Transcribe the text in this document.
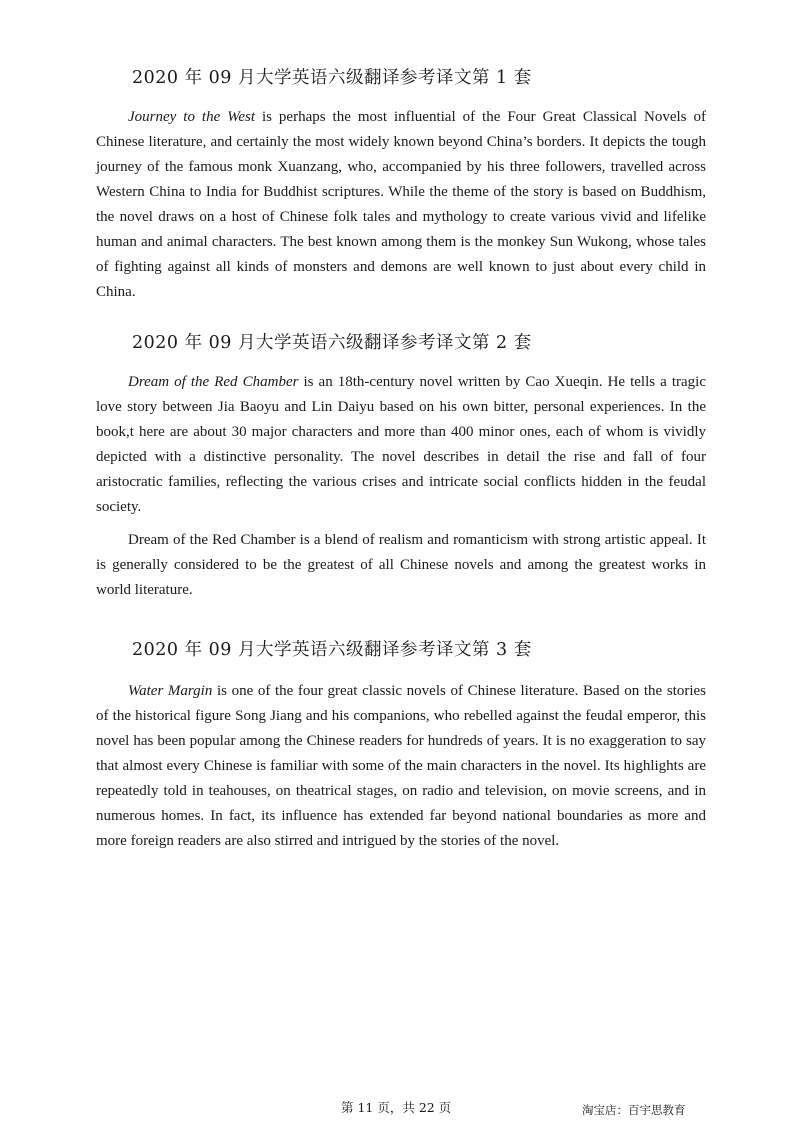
2020 年 09 月大学英语六级翻译参考译文第 1 套

Journey to the West is perhaps the most influential of the Four Great Classical Novels of Chinese literature, and certainly the most widely known beyond China’s borders. It depicts the tough journey of the famous monk Xuanzang, who, accompanied by his three followers, travelled across Western China to India for Buddhist scriptures. While the theme of the story is based on Buddhism, the novel draws on a host of Chinese folk tales and mythology to create various vivid and lifelike human and animal characters. The best known among them is the monkey Sun Wukong, whose tales of fighting against all kinds of monsters and demons are well known to just about every child in China.

2020 年 09 月大学英语六级翻译参考译文第 2 套

Dream of the Red Chamber is an 18th-century novel written by Cao Xueqin. He tells a tragic love story between Jia Baoyu and Lin Daiyu based on his own bitter, personal experiences. In the book,t here are about 30 major characters and more than 400 minor ones, each of whom is vividly depicted with a distinctive personality. The novel describes in detail the rise and fall of four aristocratic families, reflecting the various crises and intricate social conflicts hidden in the feudal society.

Dream of the Red Chamber is a blend of realism and romanticism with strong artistic appeal. It is generally considered to be the greatest of all Chinese novels and among the greatest works in world literature.

2020 年 09 月大学英语六级翻译参考译文第 3 套

Water Margin is one of the four great classic novels of Chinese literature. Based on the stories of the historical figure Song Jiang and his companions, who rebelled against the feudal emperor, this novel has been popular among the Chinese readers for hundreds of years. It is no exaggeration to say that almost every Chinese is familiar with some of the main characters in the novel. Its highlights are repeatedly told in teahouses, on theatrical stages, on radio and television, on movie screens, and in numerous homes. In fact, its influence has extended far beyond national boundaries as more and more foreign readers are also stirred and intrigued by the stories of the novel.

第 11 页，共 22 页	淘宝店：百宇思教育
